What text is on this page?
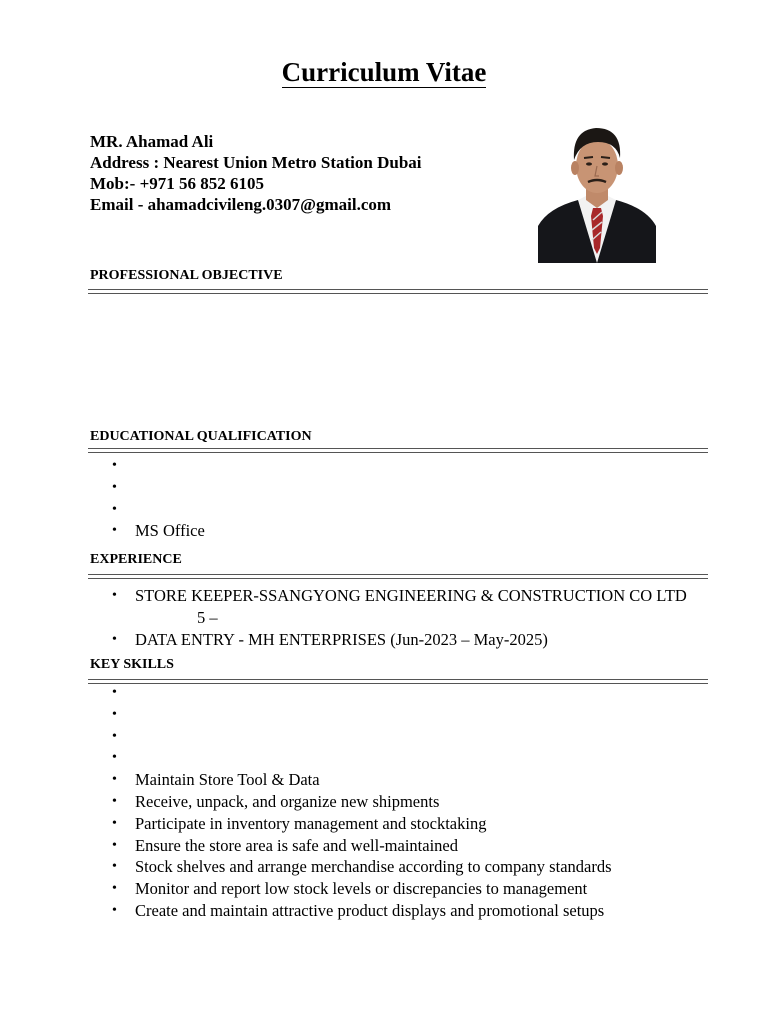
Curriculum Vitae
MR. Ahamad Ali
Address : Nearest Union Metro Station Dubai
Mob:- +971 56 852 6105
Email - ahamadcivileng.0307@gmail.com
PROFESSIONAL OBJECTIVE
EDUCATIONAL QUALIFICATION
•
•
•
• MS Office
EXPERIENCE
• STORE KEEPER-SSANGYONG ENGINEERING & CONSTRUCTION CO LTD
5 –
• DATA ENTRY - MH ENTERPRISES (Jun-2023 – May-2025)
KEY SKILLS
•
•
•
•
• Maintain Store Tool & Data
• Receive, unpack, and organize new shipments
• Participate in inventory management and stocktaking
• Ensure the store area is safe and well-maintained
• Stock shelves and arrange merchandise according to company standards
• Monitor and report low stock levels or discrepancies to management
• Create and maintain attractive product displays and promotional setups
